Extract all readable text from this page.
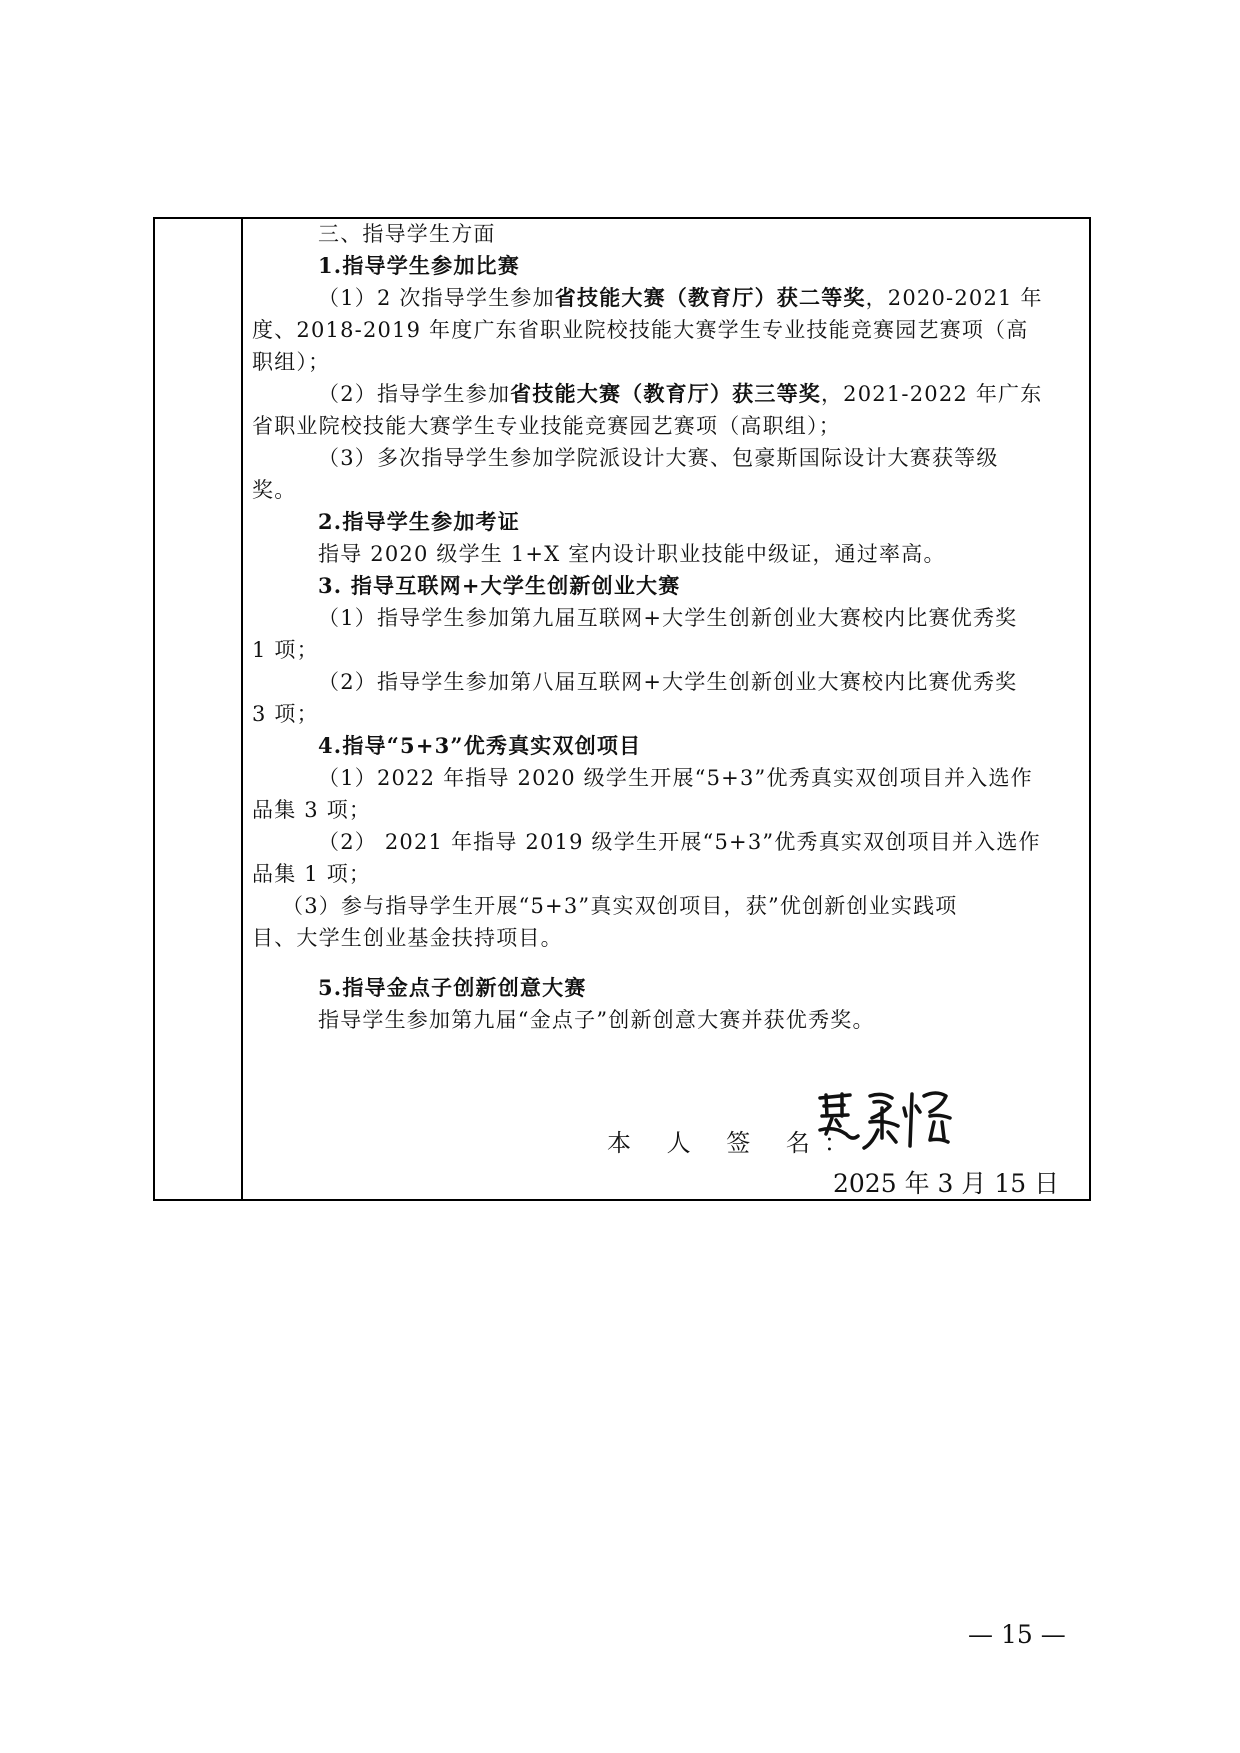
三、指导学生方面
1.指导学生参加比赛
（1）2 次指导学生参加省技能大赛（教育厅）获二等奖，2020-2021 年
度、2018-2019 年度广东省职业院校技能大赛学生专业技能竞赛园艺赛项（高
职组）；
（2）指导学生参加省技能大赛（教育厅）获三等奖，2021-2022 年广东
省职业院校技能大赛学生专业技能竞赛园艺赛项（高职组）；
（3）多次指导学生参加学院派设计大赛、包豪斯国际设计大赛获等级
奖。
2.指导学生参加考证
指导 2020 级学生 1+X 室内设计职业技能中级证，通过率高。
3. 指导互联网+大学生创新创业大赛
（1）指导学生参加第九届互联网+大学生创新创业大赛校内比赛优秀奖
1 项；
（2）指导学生参加第八届互联网+大学生创新创业大赛校内比赛优秀奖
3 项；
4.指导“5+3”优秀真实双创项目
（1）2022 年指导 2020 级学生开展“5+3”优秀真实双创项目并入选作
品集 3 项；
（2） 2021 年指导 2019 级学生开展“5+3”优秀真实双创项目并入选作
品集 1 项；
（3）参与指导学生开展“5+3”真实双创项目，获”优创新创业实践项
目、大学生创业基金扶持项目。
5.指导金点子创新创意大赛
指导学生参加第九届“金点子”创新创意大赛并获优秀奖。
本 人 签 名：
2025 年 3 月 15 日
— 15 —
